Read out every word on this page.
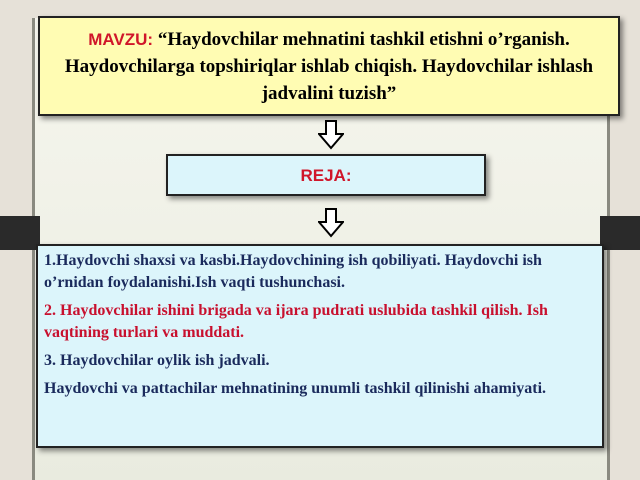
MAVZU: “Haydovchilar mehnatini tashkil etishni o’rganish. Haydovchilarga topshiriqlar ishlab chiqish. Haydovchilar ishlash jadvalini tuzish”
REJA:

1.Haydovchi shaxsi va kasbi.Haydovchining ish qobiliyati. Haydovchi ish o’rnidan foydalanishi.Ish vaqti tushunchasi.

2. Haydovchilar ishini brigada va ijara pudrati uslubida tashkil qilish. Ish vaqtining turlari va muddati.

3. Haydovchilar oylik ish jadvali.

Haydovchi va pattachilar mehnatining unumli tashkil qilinishi ahamiyati.
